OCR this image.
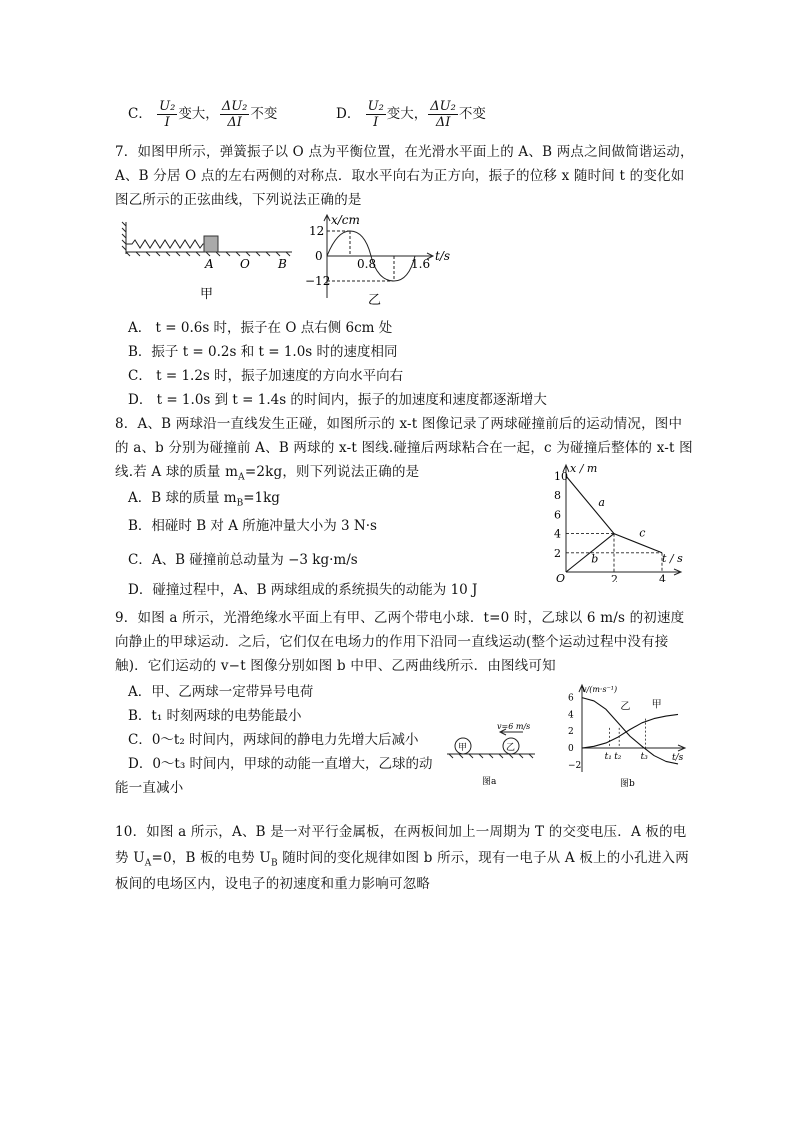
C． $\frac{\text{U₂}}{I}$ 变大， $\frac{\text{ΔU₂}}{\Delta I}$ 不变	D． $\frac{\text{U₂}}{I}$ 变大， $\frac{\text{ΔU₂}}{\Delta I}$ 不变
7．如图甲所示，弹簧振子以 O 点为平衡位置，在光滑水平面上的 A、B 两点之间做简谐运动，
A、B 分居 O 点的左右两侧的对称点．取水平向右为正方向，振子的位移 x 随时间 t 的变化如
图乙所示的正弦曲线，下列说法正确的是
A O B
甲
x/cm
t/s
12
0
−12
0.8	1.6
乙
A． t = 0.6s 时，振子在 O 点右侧 6cm 处
B．振子 t = 0.2s 和 t = 1.0s 时的速度相同
C． t = 1.2s 时，振子加速度的方向水平向右
D． t = 1.0s 到 t = 1.4s 的时间内，振子的加速度和速度都逐渐增大
8．A、B 两球沿一直线发生正碰，如图所示的 x-t 图像记录了两球碰撞前后的运动情况，图中
的 a、b 分别为碰撞前 A、B 两球的 x-t 图线.碰撞后两球粘合在一起，c 为碰撞后整体的 x-t 图
线.若 A 球的质量 $m_A=2kg$，则下列说法正确的是
A．B 球的质量 $m_B=1kg$
B．相碰时 B 对 A 所施冲量大小为 3 N·s
C．A、B 碰撞前总动量为 −3 kg·m/s
D．碰撞过程中，A、B 两球组成的系统损失的动能为 10 J
x / m
t / s
O
a
b
c
2
4
6
8
10
2	4
9．如图 a 所示，光滑绝缘水平面上有甲、乙两个带电小球．t=0 时，乙球以 6 m/s 的初速度
向静止的甲球运动．之后，它们仅在电场力的作用下沿同一直线运动(整个运动过程中没有接
触)．它们运动的 v−t 图像分别如图 b 中甲、乙两曲线所示．由图线可知
A．甲、乙两球一定带异号电荷
B．t₁ 时刻两球的电势能最小
C．0～t₂ 时间内，两球间的静电力先增大后减小
D．0～t₃ 时间内，甲球的动能一直增大，乙球的动
能一直减小
甲	乙
v=6 m/s
图a
v/(m·s⁻¹)
t/s
图b
乙 甲
6
4
2
0
−2
t₁ t₂ t₃
10．如图 a 所示，A、B 是一对平行金属板，在两板间加上一周期为 T 的交变电压．A 板的电
势 $U_A=0$，B 板的电势 $U_B$ 随时间的变化规律如图 b 所示，现有一电子从 A 板上的小孔进入两
板间的电场区内，设电子的初速度和重力影响可忽略
